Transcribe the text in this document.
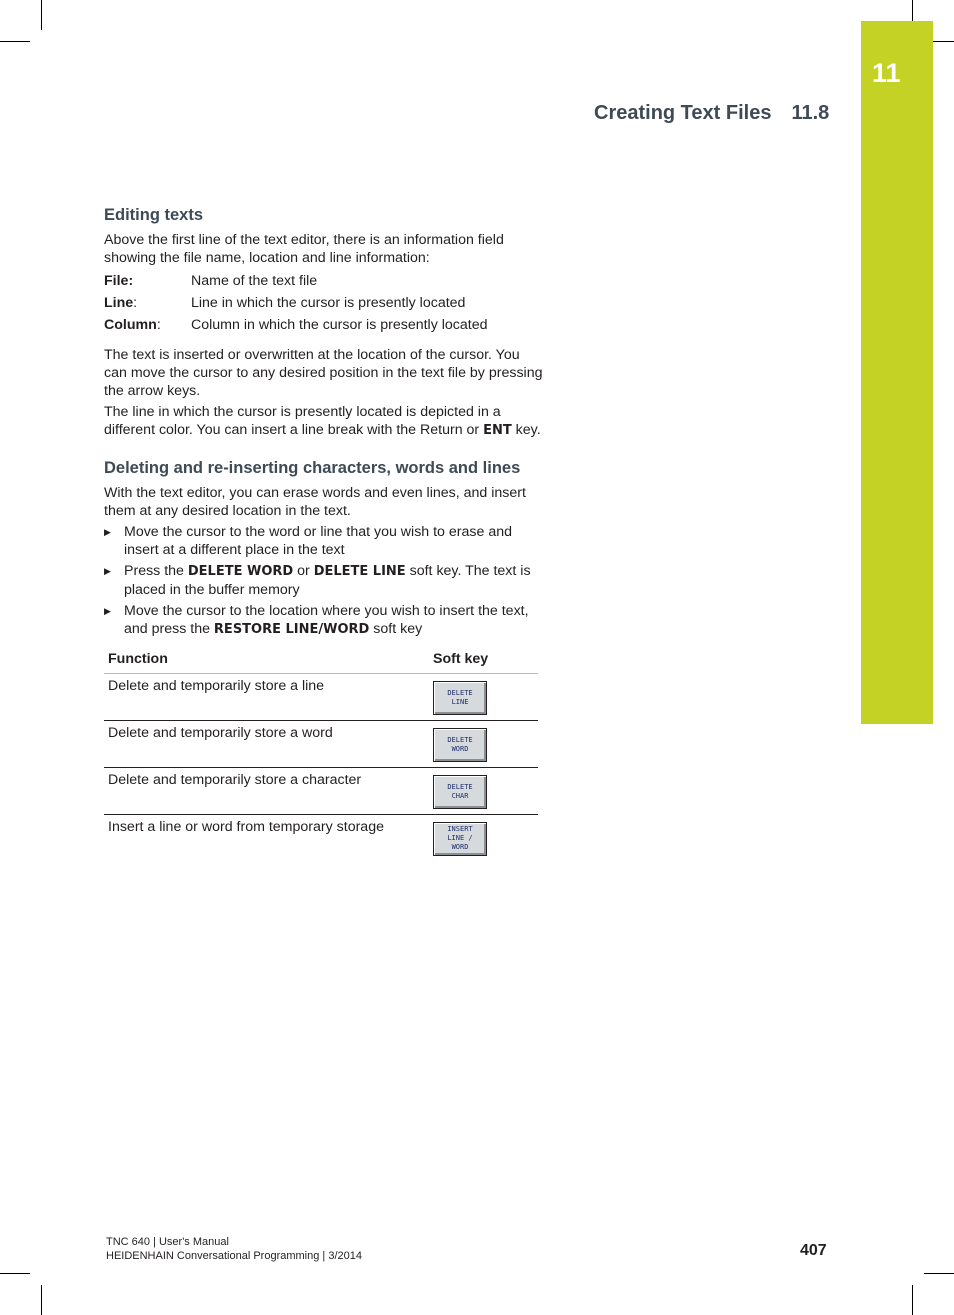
11
Creating Text Files 11.8
Editing texts

Above the first line of the text editor, there is an information field showing the file name, location and line information:

File:	Name of the text file
Line:	Line in which the cursor is presently located
Column:	Column in which the cursor is presently located

The text is inserted or overwritten at the location of the cursor. You can move the cursor to any desired position in the text file by pressing the arrow keys.

The line in which the cursor is presently located is depicted in a different color. You can insert a line break with the Return or ENT key.

Deleting and re-inserting characters, words and lines

With the text editor, you can erase words and even lines, and insert them at any desired location in the text.

▶ Move the cursor to the word or line that you wish to erase and insert at a different place in the text
▶ Press the DELETE WORD or DELETE LINE soft key. The text is placed in the buffer memory
▶ Move the cursor to the location where you wish to insert the text, and press the RESTORE LINE/WORD soft key
Function	Soft key
Delete and temporarily store a line	DELETE
LINE

Delete and temporarily store a word	DELETE
WORD

Delete and temporarily store a character	DELETE
CHAR

Insert a line or word from temporary storage	INSERT
LINE /
WORD
TNC 640 | User's Manual
HEIDENHAIN Conversational Programming | 3/2014	407
